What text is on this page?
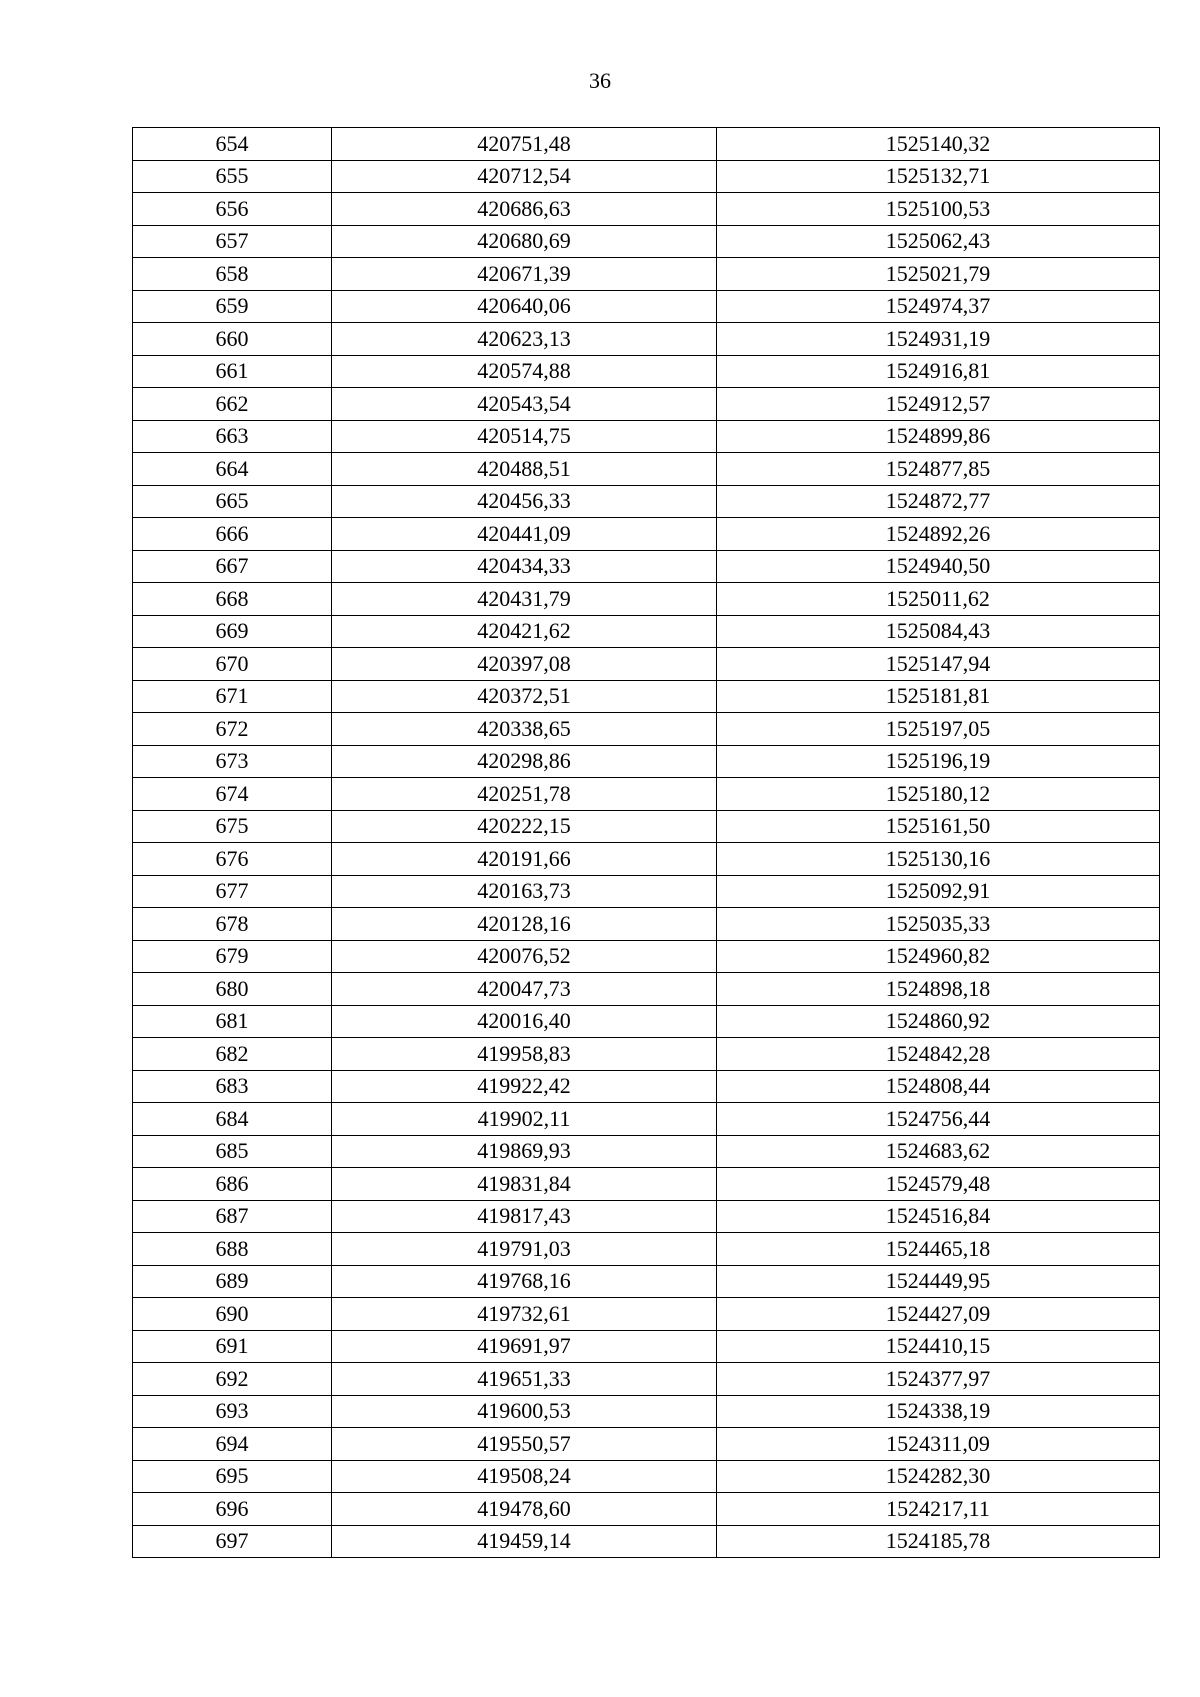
36
654	420751,48	1525140,32
655	420712,54	1525132,71
656	420686,63	1525100,53
657	420680,69	1525062,43
658	420671,39	1525021,79
659	420640,06	1524974,37
660	420623,13	1524931,19
661	420574,88	1524916,81
662	420543,54	1524912,57
663	420514,75	1524899,86
664	420488,51	1524877,85
665	420456,33	1524872,77
666	420441,09	1524892,26
667	420434,33	1524940,50
668	420431,79	1525011,62
669	420421,62	1525084,43
670	420397,08	1525147,94
671	420372,51	1525181,81
672	420338,65	1525197,05
673	420298,86	1525196,19
674	420251,78	1525180,12
675	420222,15	1525161,50
676	420191,66	1525130,16
677	420163,73	1525092,91
678	420128,16	1525035,33
679	420076,52	1524960,82
680	420047,73	1524898,18
681	420016,40	1524860,92
682	419958,83	1524842,28
683	419922,42	1524808,44
684	419902,11	1524756,44
685	419869,93	1524683,62
686	419831,84	1524579,48
687	419817,43	1524516,84
688	419791,03	1524465,18
689	419768,16	1524449,95
690	419732,61	1524427,09
691	419691,97	1524410,15
692	419651,33	1524377,97
693	419600,53	1524338,19
694	419550,57	1524311,09
695	419508,24	1524282,30
696	419478,60	1524217,11
697	419459,14	1524185,78
